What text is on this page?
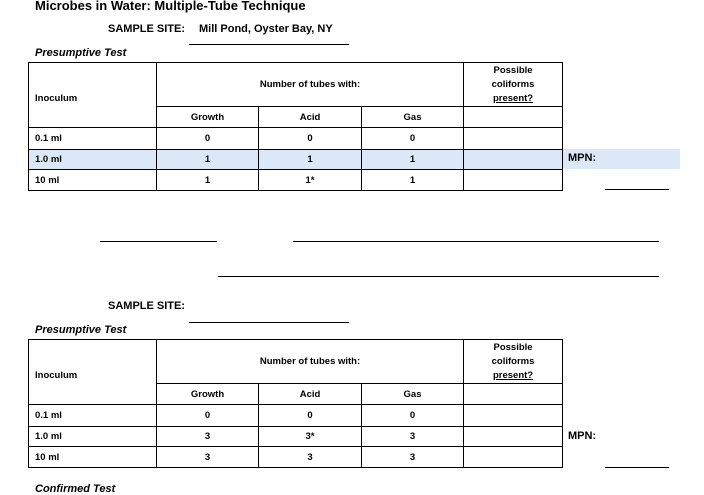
Microbes in Water: Multiple-Tube Technique
SAMPLE SITE: Mill Pond, Oyster Bay, NY
Presumptive Test
MPN:
Inoculum	Number of tubes with:			Possible
coliforms
present?
	Growth	Acid	Gas	
0.1 ml	0	0	0	
1.0 ml	1	1	1	
10 ml	1	1*	1	
SAMPLE SITE:
Presumptive Test
MPN:
Inoculum	Number of tubes with:			Possible
coliforms
present?
	Growth	Acid	Gas	
0.1 ml	0	0	0	
1.0 ml	3	3*	3	
10 ml	3	3	3	
Confirmed Test
